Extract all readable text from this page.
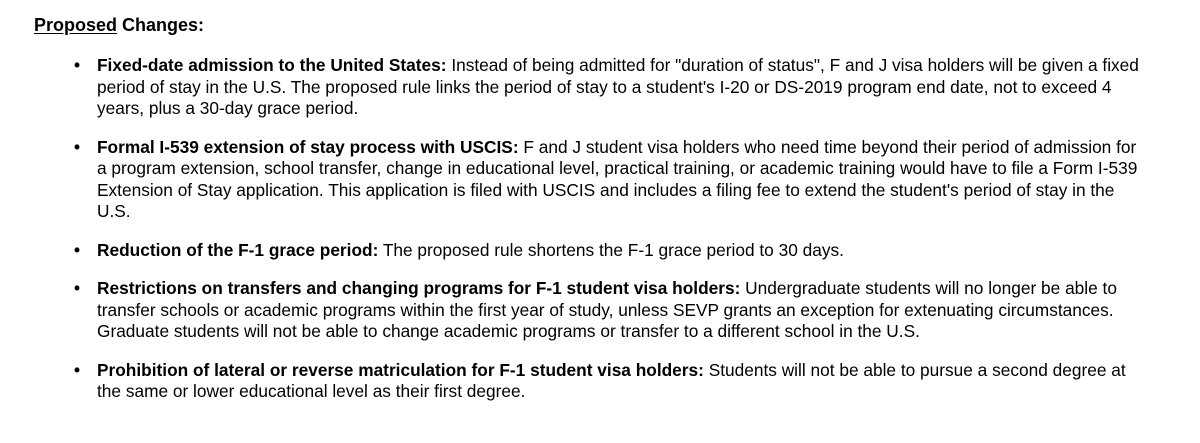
Proposed Changes:
• Fixed-date admission to the United States: Instead of being admitted for "duration of status", F and J visa holders will be given a fixed period of stay in the U.S. The proposed rule links the period of stay to a student's I-20 or DS-2019 program end date, not to exceed 4 years, plus a 30-day grace period.
• Formal I-539 extension of stay process with USCIS: F and J student visa holders who need time beyond their period of admission for a program extension, school transfer, change in educational level, practical training, or academic training would have to file a Form I-539 Extension of Stay application. This application is filed with USCIS and includes a filing fee to extend the student's period of stay in the U.S.
• Reduction of the F-1 grace period: The proposed rule shortens the F-1 grace period to 30 days.
• Restrictions on transfers and changing programs for F-1 student visa holders: Undergraduate students will no longer be able to transfer schools or academic programs within the first year of study, unless SEVP grants an exception for extenuating circumstances. Graduate students will not be able to change academic programs or transfer to a different school in the U.S.
• Prohibition of lateral or reverse matriculation for F-1 student visa holders: Students will not be able to pursue a second degree at the same or lower educational level as their first degree.
